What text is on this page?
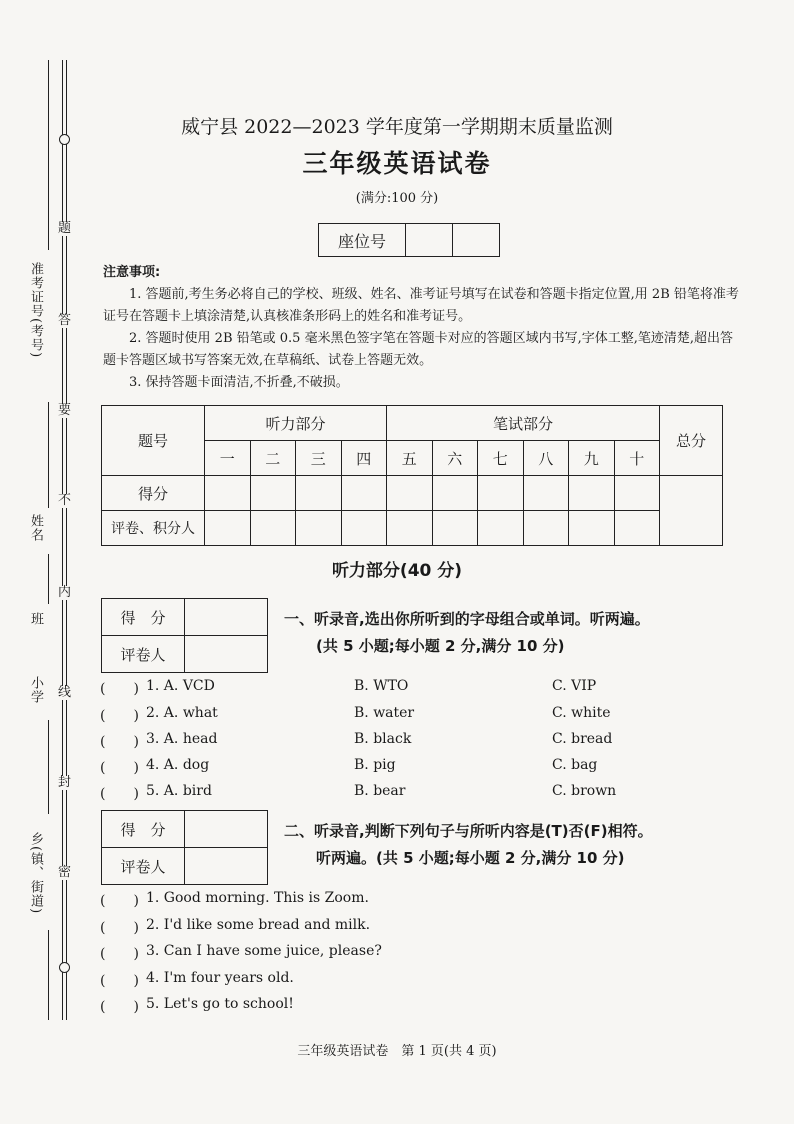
题
答
要
不
内
线
封
密
准考证号(考号)
姓名
班
小学
乡(镇、街道)
威宁县 2022—2023 学年度第一学期期末质量监测
三年级英语试卷
(满分:100 分)
座位号		
注意事项:
1. 答题前,考生务必将自己的学校、班级、姓名、准考证号填写在试卷和答题卡指定位置,用 2B 铅笔将准考证号在答题卡上填涂清楚,认真核准条形码上的姓名和准考证号。
2. 答题时使用 2B 铅笔或 0.5 毫米黑色签字笔在答题卡对应的答题区域内书写,字体工整,笔迹清楚,超出答题卡答题区域书写答案无效,在草稿纸、试卷上答题无效。
3. 保持答题卡面清洁,不折叠,不破损。
题号	听力部分				笔试部分						总分
	一	二	三	四	五	六	七	八	九	十	
得分											
评卷、积分人											
听力部分(40 分)
得　分	
评卷人	
一、听录音,选出你所听到的字母组合或单词。听两遍。
(共 5 小题;每小题 2 分,满分 10 分)
(　　) 1. A. VCD	B. WTO	C. VIP
(　　) 2. A. what	B. water	C. white
(　　) 3. A. head	B. black	C. bread
(　　) 4. A. dog	B. pig	C. bag
(　　) 5. A. bird	B. bear	C. brown
得　分	
评卷人	
二、听录音,判断下列句子与所听内容是(T)否(F)相符。
听两遍。(共 5 小题;每小题 2 分,满分 10 分)
(　　) 1. Good morning. This is Zoom.
(　　) 2. I'd like some bread and milk.
(　　) 3. Can I have some juice, please?
(　　) 4. I'm four years old.
(　　) 5. Let's go to school!
三年级英语试卷　第 1 页(共 4 页)
